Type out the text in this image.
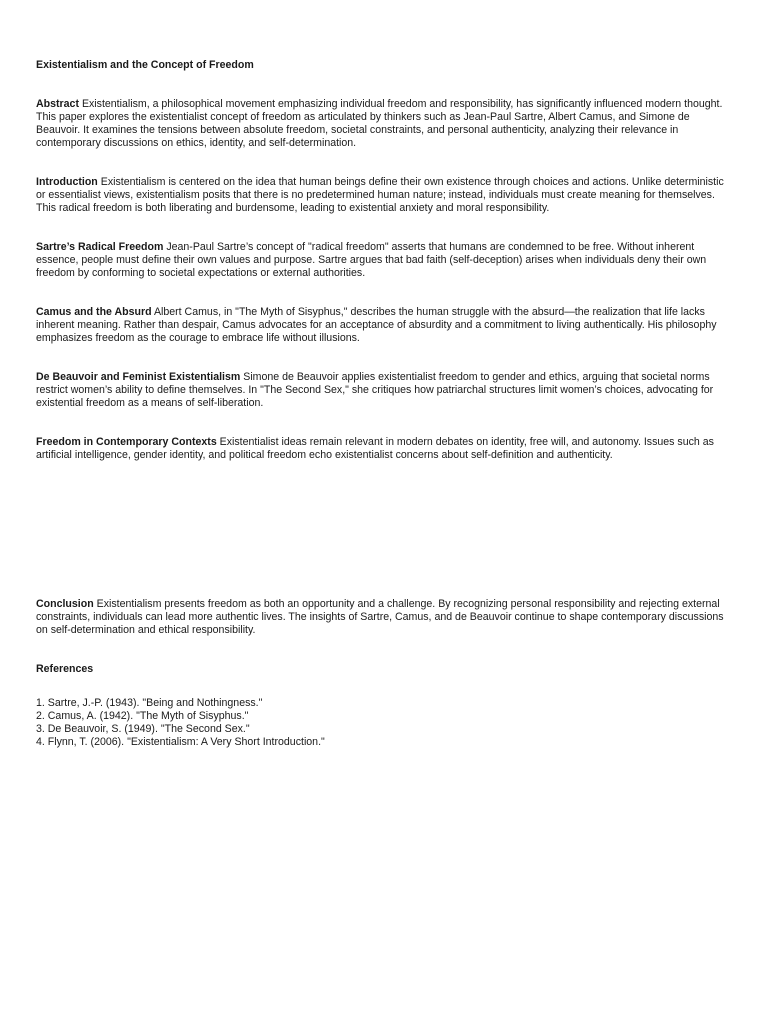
Existentialism and the Concept of Freedom

Abstract Existentialism, a philosophical movement emphasizing individual freedom and responsibility, has significantly influenced modern thought. This paper explores the existentialist concept of freedom as articulated by thinkers such as Jean-Paul Sartre, Albert Camus, and Simone de Beauvoir. It examines the tensions between absolute freedom, societal constraints, and personal authenticity, analyzing their relevance in contemporary discussions on ethics, identity, and self-determination.

Introduction Existentialism is centered on the idea that human beings define their own existence through choices and actions. Unlike deterministic or essentialist views, existentialism posits that there is no predetermined human nature; instead, individuals must create meaning for themselves. This radical freedom is both liberating and burdensome, leading to existential anxiety and moral responsibility.

Sartre’s Radical Freedom Jean-Paul Sartre’s concept of "radical freedom" asserts that humans are condemned to be free. Without inherent essence, people must define their own values and purpose. Sartre argues that bad faith (self-deception) arises when individuals deny their own freedom by conforming to societal expectations or external authorities.

Camus and the Absurd Albert Camus, in "The Myth of Sisyphus," describes the human struggle with the absurd—the realization that life lacks inherent meaning. Rather than despair, Camus advocates for an acceptance of absurdity and a commitment to living authentically. His philosophy emphasizes freedom as the courage to embrace life without illusions.

De Beauvoir and Feminist Existentialism Simone de Beauvoir applies existentialist freedom to gender and ethics, arguing that societal norms restrict women’s ability to define themselves. In "The Second Sex," she critiques how patriarchal structures limit women’s choices, advocating for existential freedom as a means of self-liberation.

Freedom in Contemporary Contexts Existentialist ideas remain relevant in modern debates on identity, free will, and autonomy. Issues such as artificial intelligence, gender identity, and political freedom echo existentialist concerns about self-definition and authenticity.

Conclusion Existentialism presents freedom as both an opportunity and a challenge. By recognizing personal responsibility and rejecting external constraints, individuals can lead more authentic lives. The insights of Sartre, Camus, and de Beauvoir continue to shape contemporary discussions on self-determination and ethical responsibility.

References
1. Sartre, J.-P. (1943). "Being and Nothingness."
2. Camus, A. (1942). "The Myth of Sisyphus."
3. De Beauvoir, S. (1949). "The Second Sex."
4. Flynn, T. (2006). "Existentialism: A Very Short Introduction."
